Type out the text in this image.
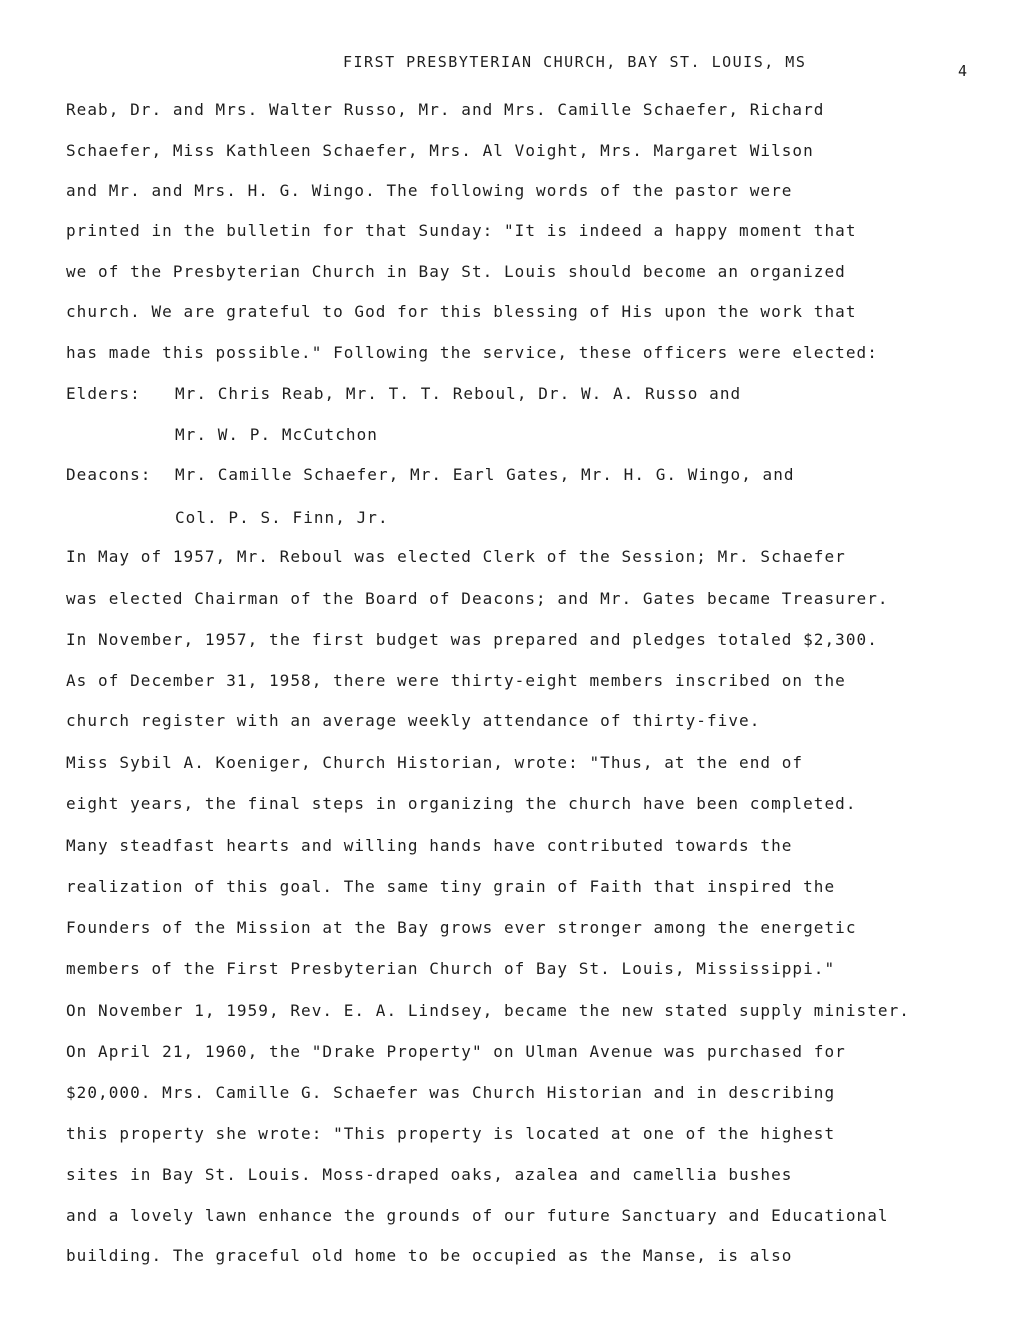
FIRST PRESBYTERIAN CHURCH, BAY ST. LOUIS, MS	4
Reab, Dr. and Mrs. Walter Russo, Mr. and Mrs. Camille Schaefer, Richard
Schaefer, Miss Kathleen Schaefer, Mrs. Al Voight, Mrs. Margaret Wilson
and Mr. and Mrs. H. G. Wingo. The following words of the pastor were
printed in the bulletin for that Sunday: "It is indeed a happy moment that
we of the Presbyterian Church in Bay St. Louis should become an organized
church. We are grateful to God for this blessing of His upon the work that
has made this possible." Following the service, these officers were elected:
Elders: Mr. Chris Reab, Mr. T. T. Reboul, Dr. W. A. Russo and
Mr. W. P. McCutchon
Deacons: Mr. Camille Schaefer, Mr. Earl Gates, Mr. H. G. Wingo, and
Col. P. S. Finn, Jr.
In May of 1957, Mr. Reboul was elected Clerk of the Session; Mr. Schaefer
was elected Chairman of the Board of Deacons; and Mr. Gates became Treasurer.
In November, 1957, the first budget was prepared and pledges totaled $2,300.
As of December 31, 1958, there were thirty-eight members inscribed on the
church register with an average weekly attendance of thirty-five.
Miss Sybil A. Koeniger, Church Historian, wrote: "Thus, at the end of
eight years, the final steps in organizing the church have been completed.
Many steadfast hearts and willing hands have contributed towards the
realization of this goal. The same tiny grain of Faith that inspired the
Founders of the Mission at the Bay grows ever stronger among the energetic
members of the First Presbyterian Church of Bay St. Louis, Mississippi."
On November 1, 1959, Rev. E. A. Lindsey, became the new stated supply minister.
On April 21, 1960, the "Drake Property" on Ulman Avenue was purchased for
$20,000. Mrs. Camille G. Schaefer was Church Historian and in describing
this property she wrote: "This property is located at one of the highest
sites in Bay St. Louis. Moss-draped oaks, azalea and camellia bushes
and a lovely lawn enhance the grounds of our future Sanctuary and Educational
building. The graceful old home to be occupied as the Manse, is also
